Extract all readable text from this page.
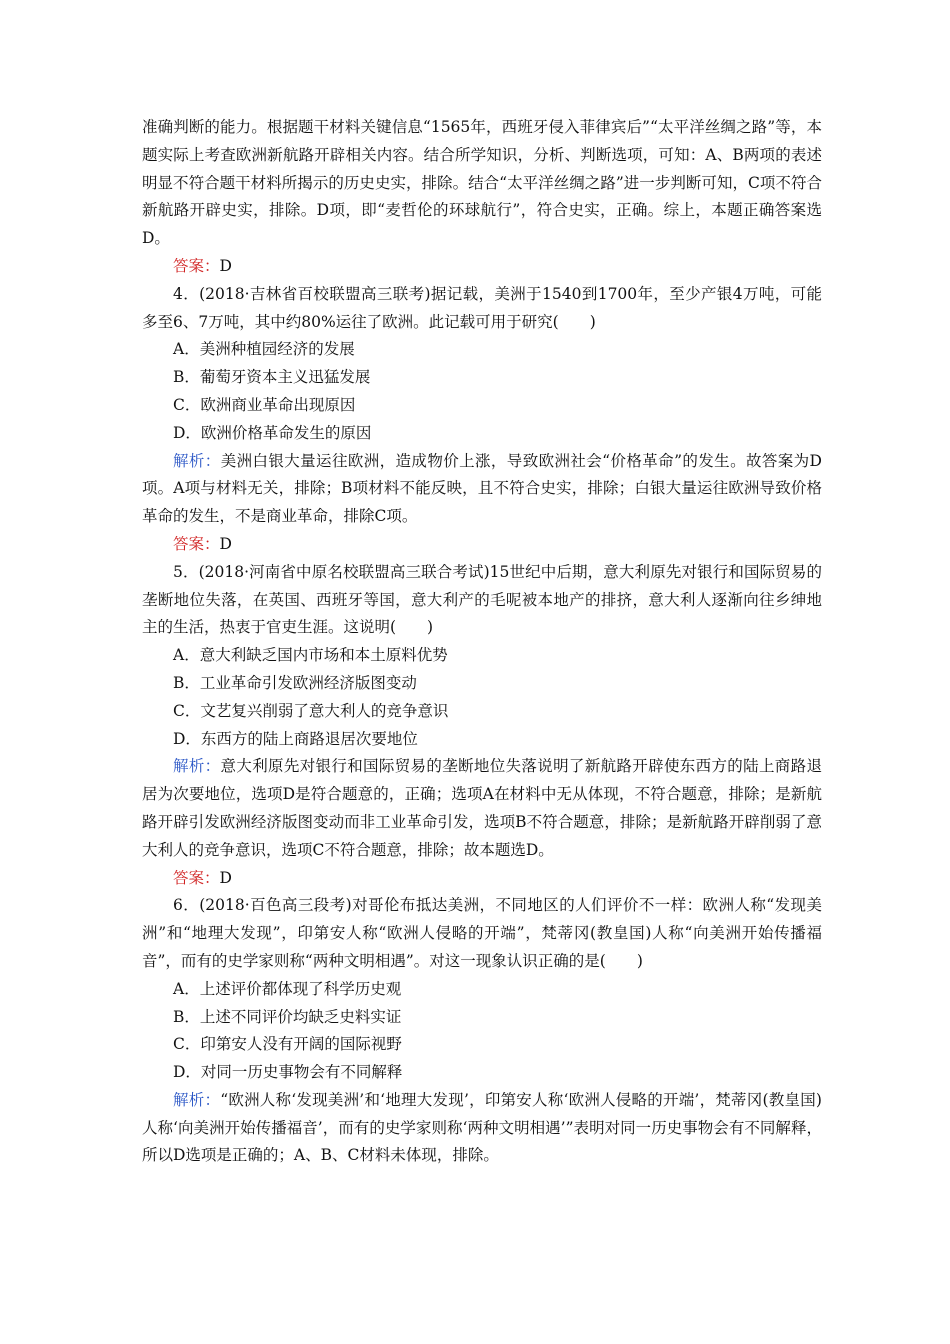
准确判断的能力。根据题干材料关键信息“1565年，西班牙侵入菲律宾后”“太平洋丝绸之路”等，本题实际上考查欧洲新航路开辟相关内容。结合所学知识，分析、判断选项，可知：A、B两项的表述明显不符合题干材料所揭示的历史史实，排除。结合“太平洋丝绸之路”进一步判断可知，C项不符合新航路开辟史实，排除。D项，即“麦哲伦的环球航行”，符合史实，正确。综上，本题正确答案选D。

答案：D

4．(2018·吉林省百校联盟高三联考)据记载，美洲于1540到1700年，至少产银4万吨，可能多至6、7万吨，其中约80%运往了欧洲。此记载可用于研究(　　)

A．美洲种植园经济的发展

B．葡萄牙资本主义迅猛发展

C．欧洲商业革命出现原因

D．欧洲价格革命发生的原因

解析：美洲白银大量运往欧洲，造成物价上涨，导致欧洲社会“价格革命”的发生。故答案为D项。A项与材料无关，排除；B项材料不能反映，且不符合史实，排除；白银大量运往欧洲导致价格革命的发生，不是商业革命，排除C项。

答案：D

5．(2018·河南省中原名校联盟高三联合考试)15世纪中后期，意大利原先对银行和国际贸易的垄断地位失落，在英国、西班牙等国，意大利产的毛呢被本地产的排挤，意大利人逐渐向往乡绅地主的生活，热衷于官吏生涯。这说明(　　)

A．意大利缺乏国内市场和本土原料优势

B．工业革命引发欧洲经济版图变动

C．文艺复兴削弱了意大利人的竞争意识

D．东西方的陆上商路退居次要地位

解析：意大利原先对银行和国际贸易的垄断地位失落说明了新航路开辟使东西方的陆上商路退居为次要地位，选项D是符合题意的，正确；选项A在材料中无从体现，不符合题意，排除；是新航路开辟引发欧洲经济版图变动而非工业革命引发，选项B不符合题意，排除；是新航路开辟削弱了意大利人的竞争意识，选项C不符合题意，排除；故本题选D。

答案：D

6．(2018·百色高三段考)对哥伦布抵达美洲，不同地区的人们评价不一样：欧洲人称“发现美洲”和“地理大发现”，印第安人称“欧洲人侵略的开端”，梵蒂冈(教皇国)人称“向美洲开始传播福音”，而有的史学家则称“两种文明相遇”。对这一现象认识正确的是(　　)

A．上述评价都体现了科学历史观

B．上述不同评价均缺乏史料实证

C．印第安人没有开阔的国际视野

D．对同一历史事物会有不同解释

解析：“欧洲人称‘发现美洲’和‘地理大发现’，印第安人称‘欧洲人侵略的开端’，梵蒂冈(教皇国)人称‘向美洲开始传播福音’，而有的史学家则称‘两种文明相遇’”表明对同一历史事物会有不同解释，所以D选项是正确的；A、B、C材料未体现，排除。
